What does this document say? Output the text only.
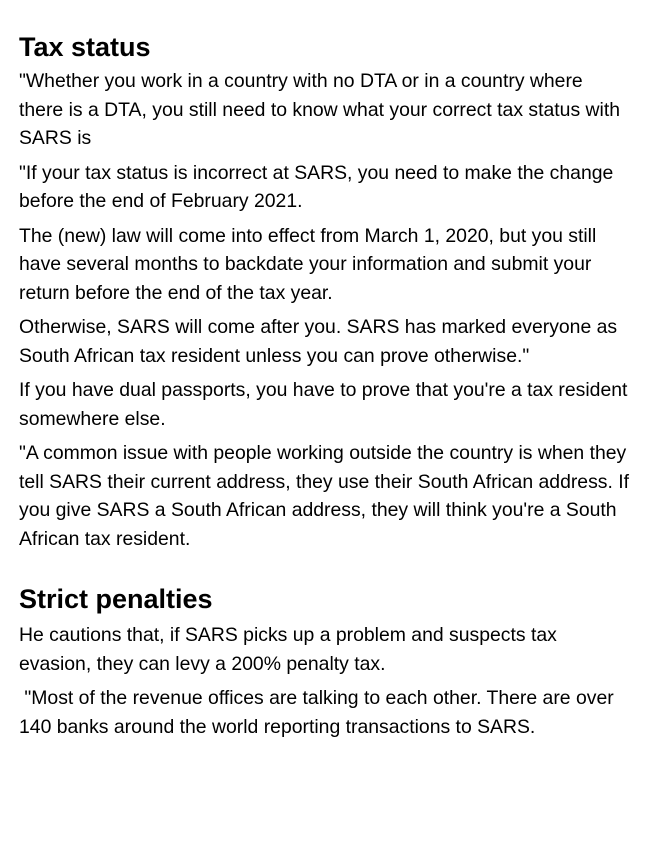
Tax status

"Whether you work in a country with no DTA or in a country where there is a DTA, you still need to know what your correct tax status with SARS is

"If your tax status is incorrect at SARS, you need to make the change before the end of February 2021.

The (new) law will come into effect from March 1, 2020, but you still have several months to backdate your information and submit your return before the end of the tax year.

Otherwise, SARS will come after you. SARS has marked everyone as South African tax resident unless you can prove otherwise."

If you have dual passports, you have to prove that you're a tax resident somewhere else.

"A common issue with people working outside the country is when they tell SARS their current address, they use their South African address. If you give SARS a South African address, they will think you're a South African tax resident.

Strict penalties

He cautions that, if SARS picks up a problem and suspects tax evasion, they can levy a 200% penalty tax.

"Most of the revenue offices are talking to each other. There are over 140 banks around the world reporting transactions to SARS.
